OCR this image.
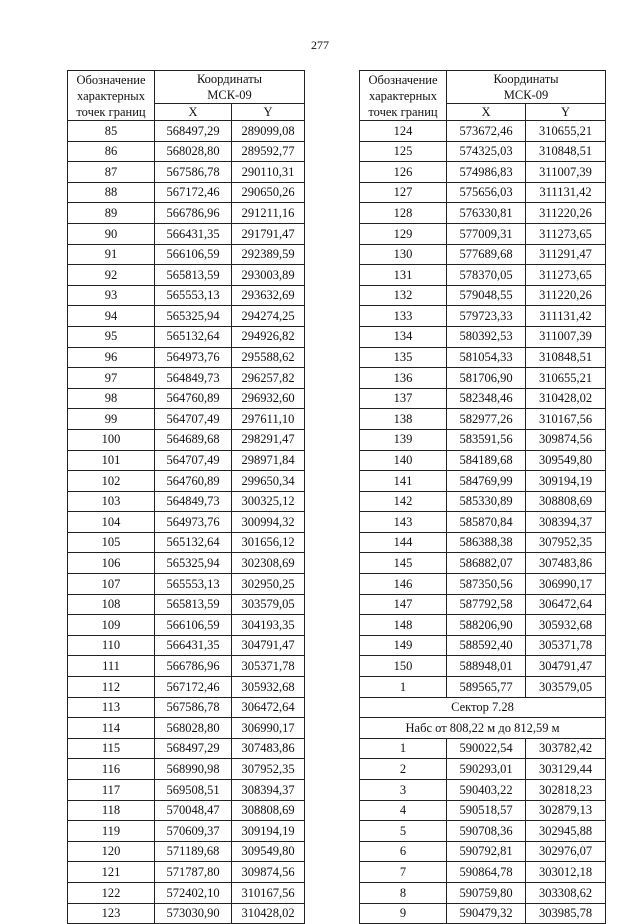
277
Обозначение
характерных
точек границ	Координаты
МСК-09	

	X	Y
85	568497,29	289099,08
86	568028,80	289592,77
87	567586,78	290110,31
88	567172,46	290650,26
89	566786,96	291211,16
90	566431,35	291791,47
91	566106,59	292389,59
92	565813,59	293003,89
93	565553,13	293632,69
94	565325,94	294274,25
95	565132,64	294926,82
96	564973,76	295588,62
97	564849,73	296257,82
98	564760,89	296932,60
99	564707,49	297611,10
100	564689,68	298291,47
101	564707,49	298971,84
102	564760,89	299650,34
103	564849,73	300325,12
104	564973,76	300994,32
105	565132,64	301656,12
106	565325,94	302308,69
107	565553,13	302950,25
108	565813,59	303579,05
109	566106,59	304193,35
110	566431,35	304791,47
111	566786,96	305371,78
112	567172,46	305932,68
113	567586,78	306472,64
114	568028,80	306990,17
115	568497,29	307483,86
116	568990,98	307952,35
117	569508,51	308394,37
118	570048,47	308808,69
119	570609,37	309194,19
120	571189,68	309549,80
121	571787,80	309874,56
122	572402,10	310167,56
123	573030,90	310428,02
Обозначение
характерных
точек границ	Координаты
МСК-09	

	X	Y
124	573672,46	310655,21
125	574325,03	310848,51
126	574986,83	311007,39
127	575656,03	311131,42
128	576330,81	311220,26
129	577009,31	311273,65
130	577689,68	311291,47
131	578370,05	311273,65
132	579048,55	311220,26
133	579723,33	311131,42
134	580392,53	311007,39
135	581054,33	310848,51
136	581706,90	310655,21
137	582348,46	310428,02
138	582977,26	310167,56
139	583591,56	309874,56
140	584189,68	309549,80
141	584769,99	309194,19
142	585330,89	308808,69
143	585870,84	308394,37
144	586388,38	307952,35
145	586882,07	307483,86
146	587350,56	306990,17
147	587792,58	306472,64
148	588206,90	305932,68
149	588592,40	305371,78
150	588948,01	304791,47
1	589565,77	303579,05
Сектор 7.28		
Набс от 808,22 м до 812,59 м		
1	590022,54	303782,42
2	590293,01	303129,44
3	590403,22	302818,23
4	590518,57	302879,13
5	590708,36	302945,88
6	590792,81	302976,07
7	590864,78	303012,18
8	590759,80	303308,62
9	590479,32	303985,78
